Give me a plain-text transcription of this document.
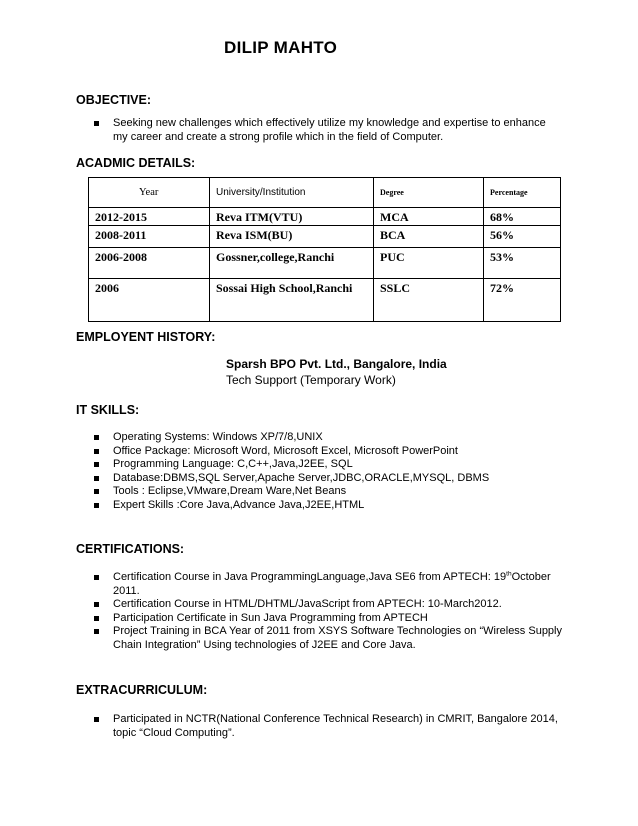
DILIP MAHTO
OBJECTIVE:
Seeking new challenges which effectively utilize my knowledge and expertise to enhance my career and create a strong profile which in the field of Computer.
ACADMIC DETAILS:
Year	University/Institution	Degree	Percentage
2012-2015	Reva ITM(VTU)	MCA	68%
2008-2011	Reva ISM(BU)	BCA	56%
2006-2008	Gossner,college,Ranchi	PUC	53%
2006	Sossai High School,Ranchi	SSLC	72%
EMPLOYENT HISTORY:
Sparsh BPO Pvt. Ltd., Bangalore, India
Tech Support (Temporary Work)
IT SKILLS:
Operating Systems: Windows XP/7/8,UNIX
Office Package: Microsoft Word, Microsoft Excel, Microsoft PowerPoint
Programming Language: C,C++,Java,J2EE, SQL
Database:DBMS,SQL Server,Apache Server,JDBC,ORACLE,MYSQL, DBMS
Tools : Eclipse,VMware,Dream Ware,Net Beans
Expert Skills :Core Java,Advance Java,J2EE,HTML
CERTIFICATIONS:
Certification Course in Java ProgrammingLanguage,Java SE6 from APTECH: 19thOctober 2011.
Certification Course in HTML/DHTML/JavaScript from APTECH: 10-March2012.
Participation Certificate in Sun Java Programming from APTECH
Project Training in BCA Year of 2011 from XSYS Software Technologies on “Wireless Supply Chain Integration” Using technologies of J2EE and Core Java.
EXTRACURRICULUM:
Participated in NCTR(National Conference Technical Research) in CMRIT, Bangalore 2014, topic “Cloud Computing”.
